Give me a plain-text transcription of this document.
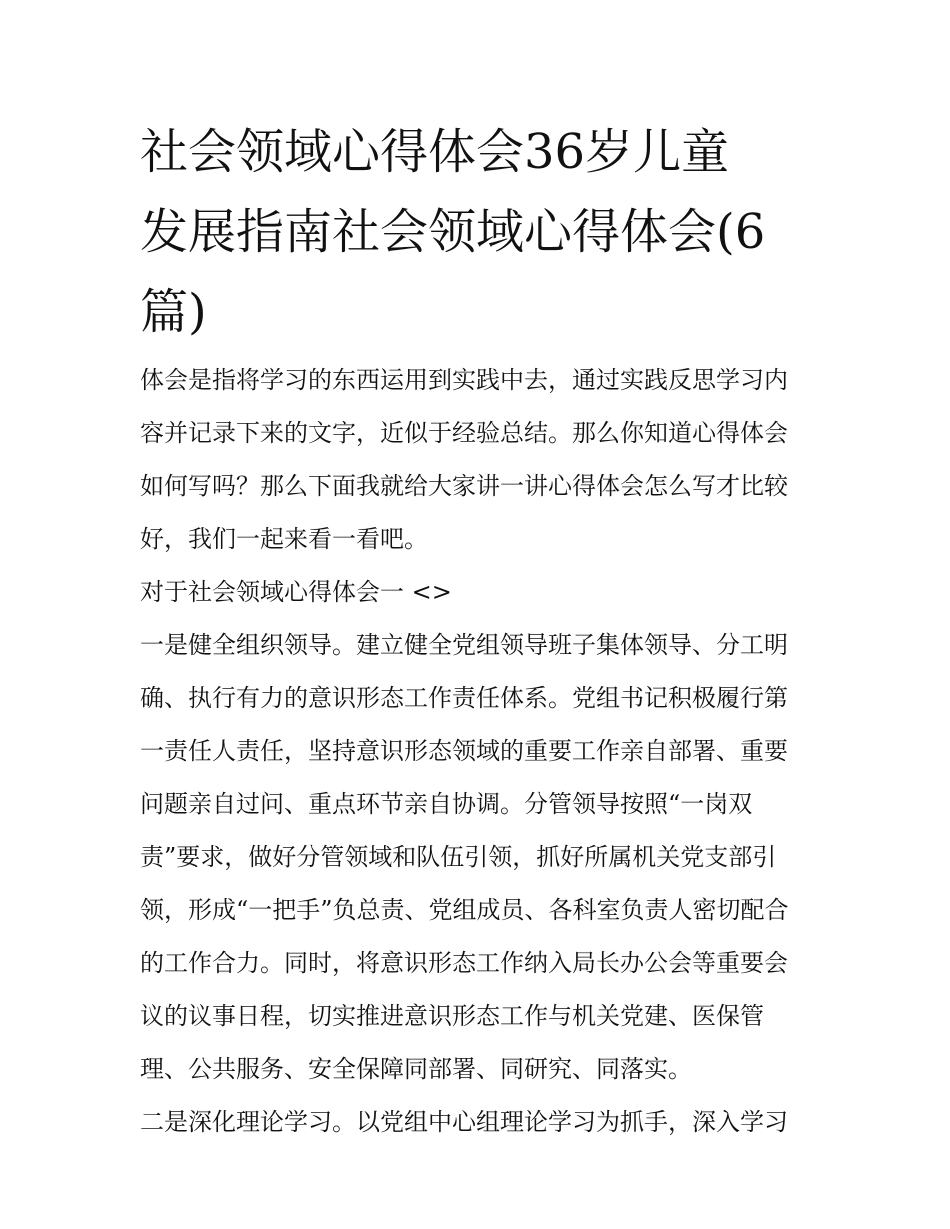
社会领域心得体会36岁儿童
发展指南社会领域心得体会(6
篇)
体会是指将学习的东西运用到实践中去，通过实践反思学习内
容并记录下来的文字，近似于经验总结。那么你知道心得体会
如何写吗？那么下面我就给大家讲一讲心得体会怎么写才比较
好，我们一起来看一看吧。
对于社会领域心得体会一 <>
一是健全组织领导。建立健全党组领导班子集体领导、分工明
确、执行有力的意识形态工作责任体系。党组书记积极履行第
一责任人责任，坚持意识形态领域的重要工作亲自部署、重要
问题亲自过问、重点环节亲自协调。分管领导按照“一岗双
责”要求，做好分管领域和队伍引领，抓好所属机关党支部引
领，形成“一把手”负总责、党组成员、各科室负责人密切配合
的工作合力。同时，将意识形态工作纳入局长办公会等重要会
议的议事日程，切实推进意识形态工作与机关党建、医保管
理、公共服务、安全保障同部署、同研究、同落实。
二是深化理论学习。以党组中心组理论学习为抓手，深入学习
